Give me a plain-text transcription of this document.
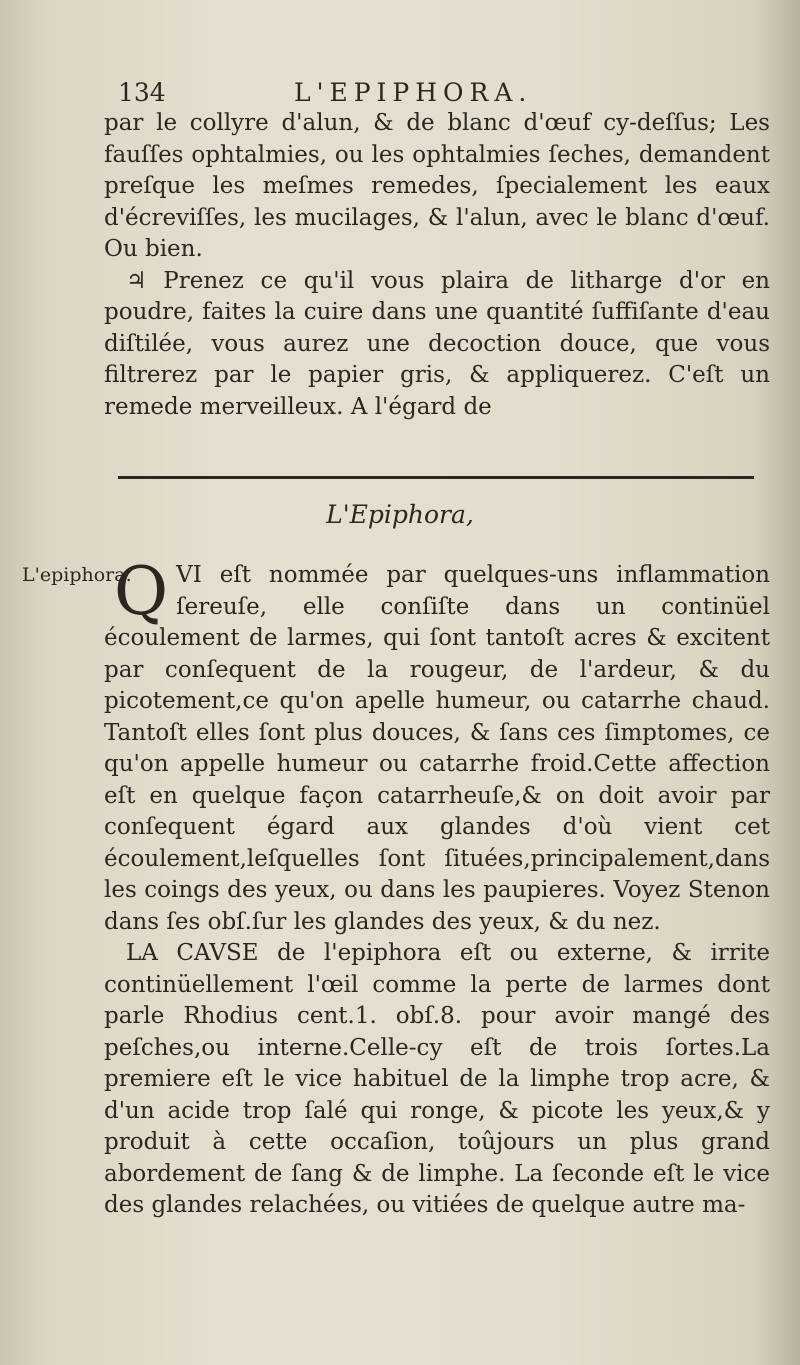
134	L'EPIPHORA.

par le collyre d'alun, & de blanc d'œuf cy-deſſus; Les fauſſes ophtalmies, ou les ophtalmies ſeches, demandent preſque les meſmes remedes, ſpecialement les eaux d'écreviſſes, les mucilages, & l'alun, avec le blanc d'œuf. Ou bien.

♃ Prenez ce qu'il vous plaira de litharge d'or en poudre, faites la cuire dans une quantité ſuffiſante d'eau diſtilée, vous aurez une decoction douce, que vous filtrerez par le papier gris, & appliquerez. C'eſt un remede merveilleux. A l'égard de

L'Epiphora,
L'epiphora.

QVI eſt nommée par quelques-uns inflammation ſereuſe, elle conſiſte dans un continüel écoulement de larmes, qui ſont tantoſt acres & excitent par conſequent de la rougeur, de l'ardeur, & du picotement,ce qu'on apelle humeur, ou catarrhe chaud. Tantoſt elles ſont plus douces, & ſans ces ſimptomes, ce qu'on appelle humeur ou catarrhe froid.Cette affection eſt en quelque façon catarrheuſe,& on doit avoir par conſequent égard aux glandes d'où vient cet écoulement,leſquelles ſont ſituées,principalement,dans les coings des yeux, ou dans les paupieres. Voyez Stenon dans ſes obſ.ſur les glandes des yeux, & du nez.

LA CAVSE de l'epiphora eſt ou externe, & irrite continüellement l'œil comme la perte de larmes dont parle Rhodius cent.1. obſ.8. pour avoir mangé des peſches,ou interne.Celle-cy eſt de trois ſortes.La premiere eſt le vice habituel de la limphe trop acre, & d'un acide trop ſalé qui ronge, & picote les yeux,& y produit à cette occaſion, toûjours un plus grand abordement de ſang & de limphe. La ſeconde eſt le vice des glandes relachées, ou vitiées de quelque autre ma-
